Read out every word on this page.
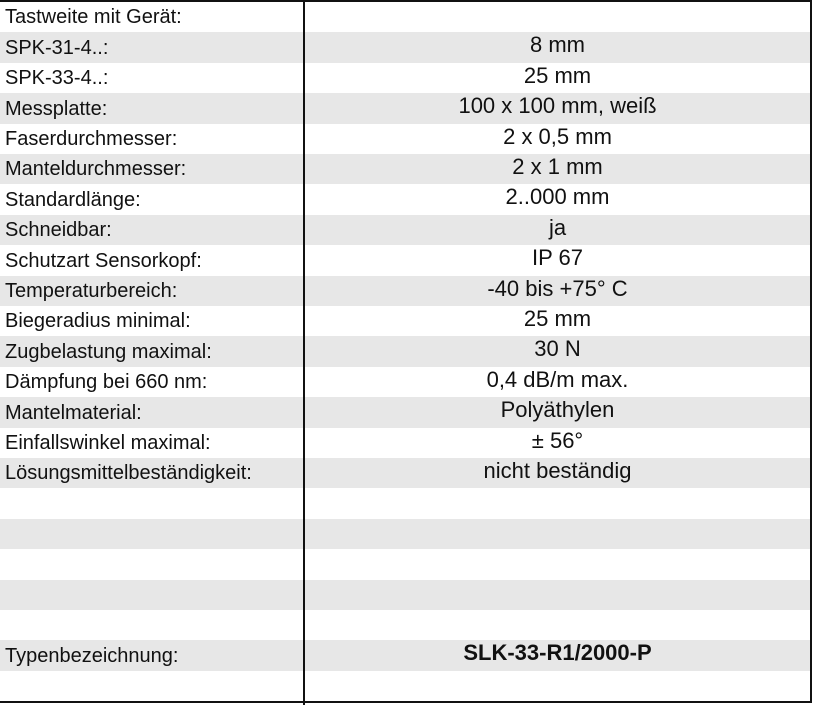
Tastweite mit Gerät:
SPK-31-4..:	8 mm
SPK-33-4..:	25 mm
Messplatte:	100 x 100 mm, weiß
Faserdurchmesser:	2 x 0,5 mm
Manteldurchmesser:	2 x 1 mm
Standardlänge:	2..000 mm
Schneidbar:	ja
Schutzart Sensorkopf:	IP 67
Temperaturbereich:	-40 bis +75° C
Biegeradius minimal:	25 mm
Zugbelastung maximal:	30 N
Dämpfung bei 660 nm:	0,4 dB/m max.
Mantelmaterial:	Polyäthylen
Einfallswinkel maximal:	± 56°
Lösungsmittelbeständigkeit:	nicht beständig
Typenbezeichnung:	SLK-33-R1/2000-P
